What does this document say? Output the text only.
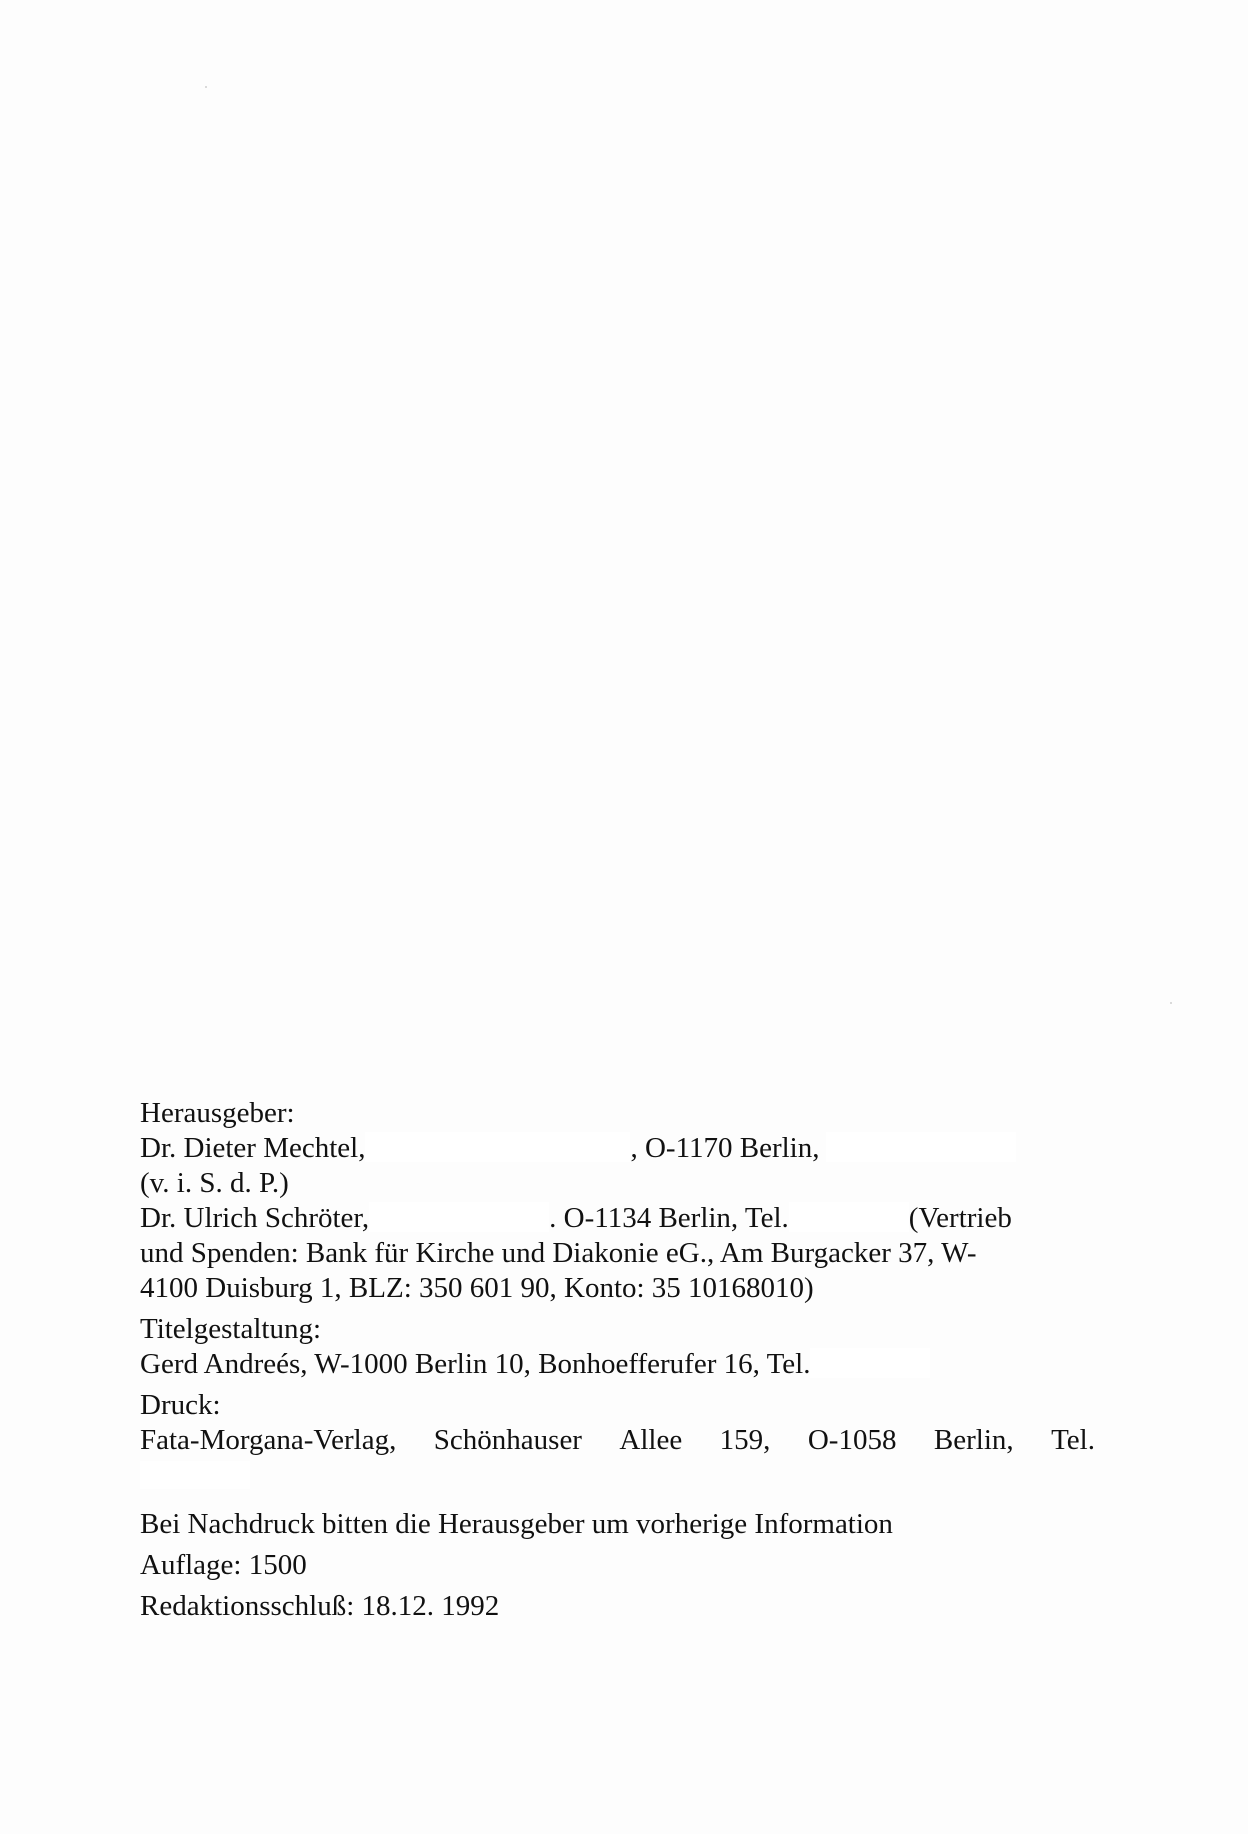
Herausgeber:
Dr. Dieter Mechtel,	, O-1170 Berlin,
(v. i. S. d. P.)
Dr. Ulrich Schröter,	. O-1134 Berlin, Tel.	(Vertrieb
und Spenden: Bank für Kirche und Diakonie eG., Am Burgacker 37, W-
4100 Duisburg 1, BLZ: 350 601 90, Konto: 35 10168010)
Titelgestaltung:
Gerd Andreés, W-1000 Berlin 10, Bonhoefferufer 16, Tel.
Druck:
Fata-Morgana-Verlag, Schönhauser Allee 159, O-1058 Berlin, Tel.
Bei Nachdruck bitten die Herausgeber um vorherige Information
Auflage: 1500
Redaktionsschluß: 18.12. 1992
